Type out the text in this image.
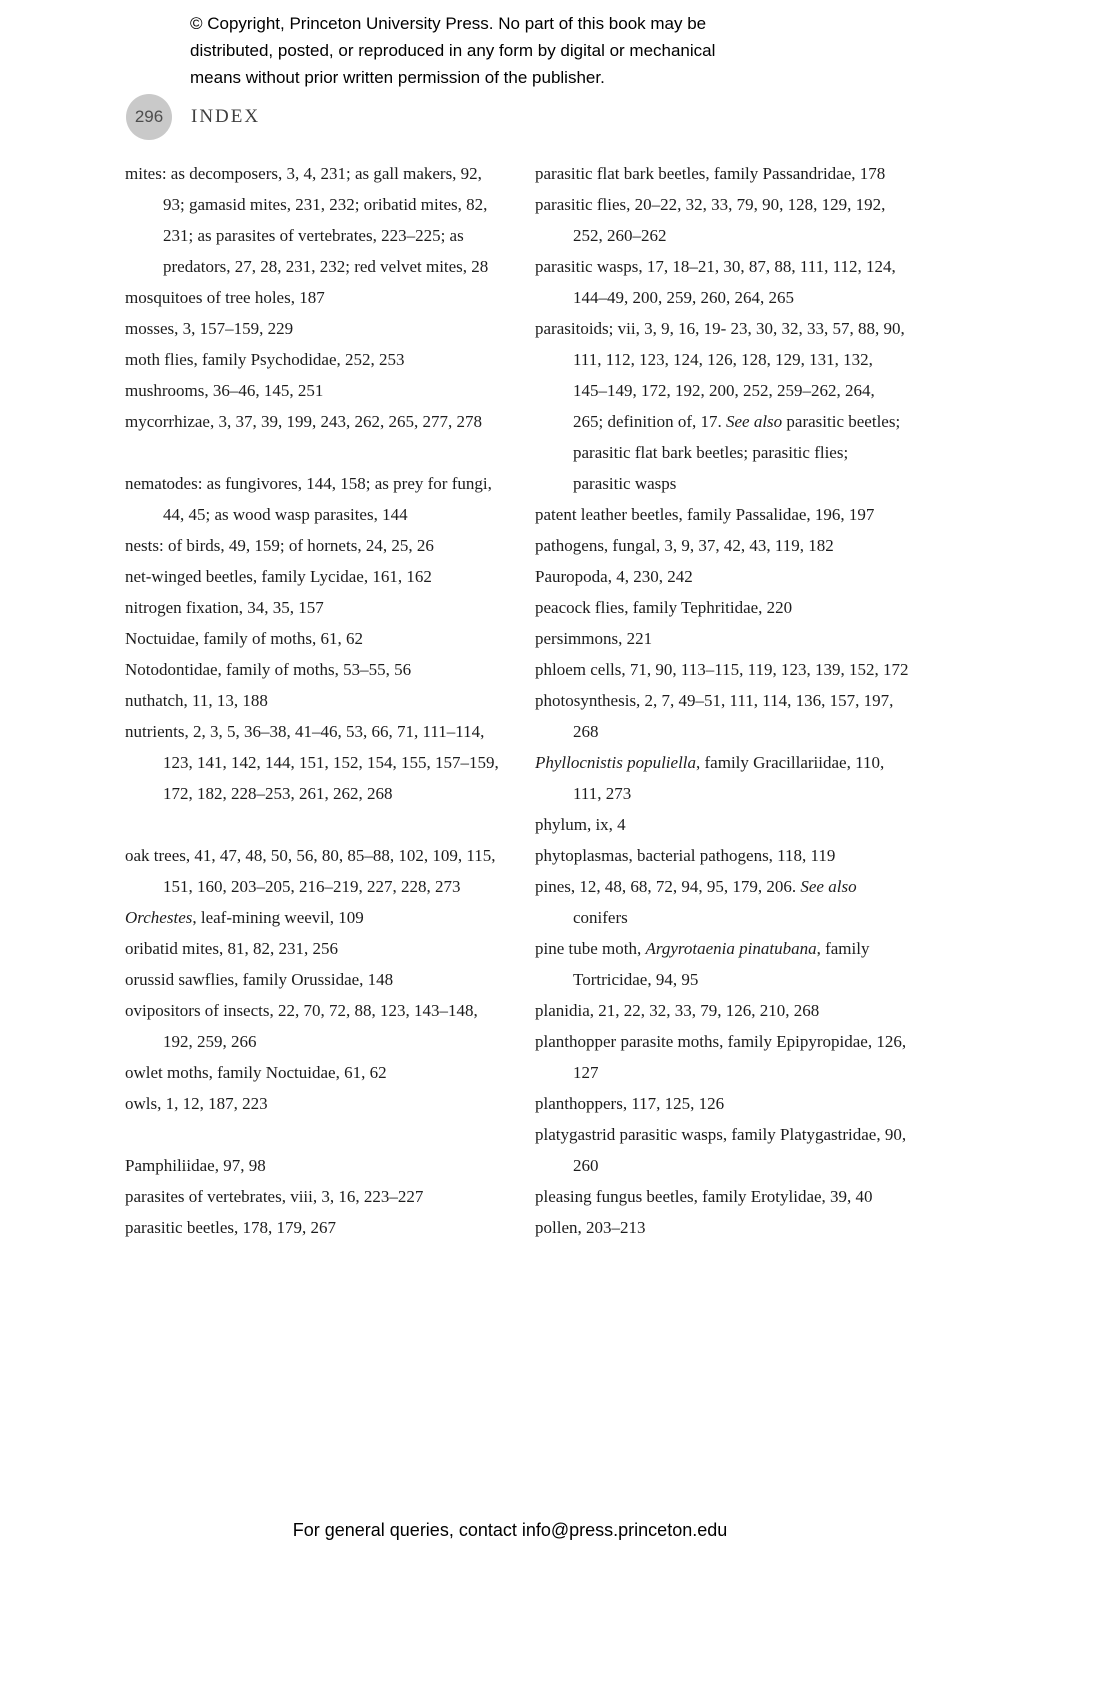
© Copyright, Princeton University Press. No part of this book may be
distributed, posted, or reproduced in any form by digital or mechanical
means without prior written permission of the publisher.
296 INDEX
mites: as decomposers, 3, 4, 231; as gall makers, 92, 93; gamasid mites, 231, 232; oribatid mites, 82, 231; as parasites of vertebrates, 223–225; as predators, 27, 28, 231, 232; red velvet mites, 28
mosquitoes of tree holes, 187
mosses, 3, 157–159, 229
moth flies, family Psychodidae, 252, 253
mushrooms, 36–46, 145, 251
mycorrhizae, 3, 37, 39, 199, 243, 262, 265, 277, 278
nematodes: as fungivores, 144, 158; as prey for fungi, 44, 45; as wood wasp parasites, 144
nests: of birds, 49, 159; of hornets, 24, 25, 26
net-winged beetles, family Lycidae, 161, 162
nitrogen fixation, 34, 35, 157
Noctuidae, family of moths, 61, 62
Notodontidae, family of moths, 53–55, 56
nuthatch, 11, 13, 188
nutrients, 2, 3, 5, 36–38, 41–46, 53, 66, 71, 111–114, 123, 141, 142, 144, 151, 152, 154, 155, 157–159, 172, 182, 228–253, 261, 262, 268
oak trees, 41, 47, 48, 50, 56, 80, 85–88, 102, 109, 115, 151, 160, 203–205, 216–219, 227, 228, 273
Orchestes, leaf-mining weevil, 109
oribatid mites, 81, 82, 231, 256
orussid sawflies, family Orussidae, 148
ovipositors of insects, 22, 70, 72, 88, 123, 143–148, 192, 259, 266
owlet moths, family Noctuidae, 61, 62
owls, 1, 12, 187, 223
Pamphiliidae, 97, 98
parasites of vertebrates, viii, 3, 16, 223–227
parasitic beetles, 178, 179, 267
parasitic flat bark beetles, family Passandridae, 178
parasitic flies, 20–22, 32, 33, 79, 90, 128, 129, 192, 252, 260–262
parasitic wasps, 17, 18–21, 30, 87, 88, 111, 112, 124, 144–49, 200, 259, 260, 264, 265
parasitoids; vii, 3, 9, 16, 19- 23, 30, 32, 33, 57, 88, 90, 111, 112, 123, 124, 126, 128, 129, 131, 132, 145–149, 172, 192, 200, 252, 259–262, 264, 265; definition of, 17. See also parasitic beetles; parasitic flat bark beetles; parasitic flies; parasitic wasps
patent leather beetles, family Passalidae, 196, 197
pathogens, fungal, 3, 9, 37, 42, 43, 119, 182
Pauropoda, 4, 230, 242
peacock flies, family Tephritidae, 220
persimmons, 221
phloem cells, 71, 90, 113–115, 119, 123, 139, 152, 172
photosynthesis, 2, 7, 49–51, 111, 114, 136, 157, 197, 268
Phyllocnistis populiella, family Gracillariidae, 110, 111, 273
phylum, ix, 4
phytoplasmas, bacterial pathogens, 118, 119
pines, 12, 48, 68, 72, 94, 95, 179, 206. See also conifers
pine tube moth, Argyrotaenia pinatubana, family Tortricidae, 94, 95
planidia, 21, 22, 32, 33, 79, 126, 210, 268
planthopper parasite moths, family Epipyropidae, 126, 127
planthoppers, 117, 125, 126
platygastrid parasitic wasps, family Platygastridae, 90, 260
pleasing fungus beetles, family Erotylidae, 39, 40
pollen, 203–213
For general queries, contact info@press.princeton.edu
